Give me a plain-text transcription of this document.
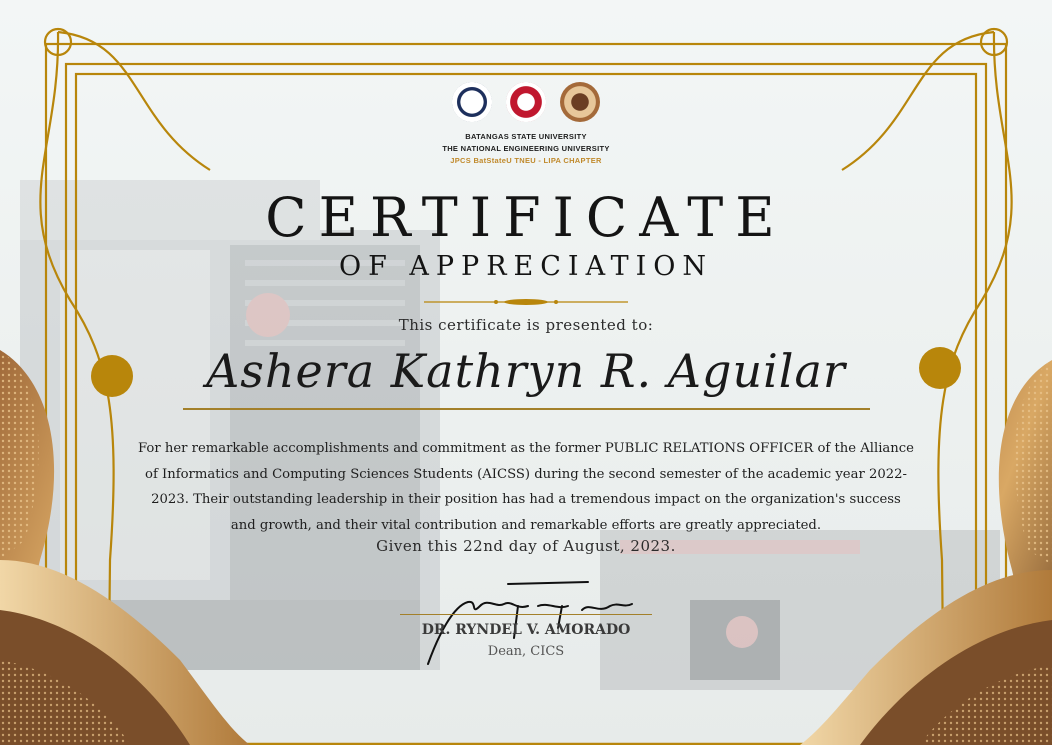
BATANGAS STATE UNIVERSITY
THE NATIONAL ENGINEERING UNIVERSITY
JPCS BatStateU TNEU - LIPA CHAPTER
CERTIFICATE
OF APPRECIATION
This certificate is presented to:
Ashera Kathryn R. Aguilar
For her remarkable accomplishments and commitment as the former PUBLIC RELATIONS OFFICER of the Alliance of Informatics and Computing Sciences Students (AICSS) during the second semester of the academic year 2022-2023. Their outstanding leadership in their position has had a tremendous impact on the organization's success and growth, and their vital contribution and remarkable efforts are greatly appreciated.
Given this 22nd day of August, 2023.
DR. RYNDEL V. AMORADO
Dean, CICS
